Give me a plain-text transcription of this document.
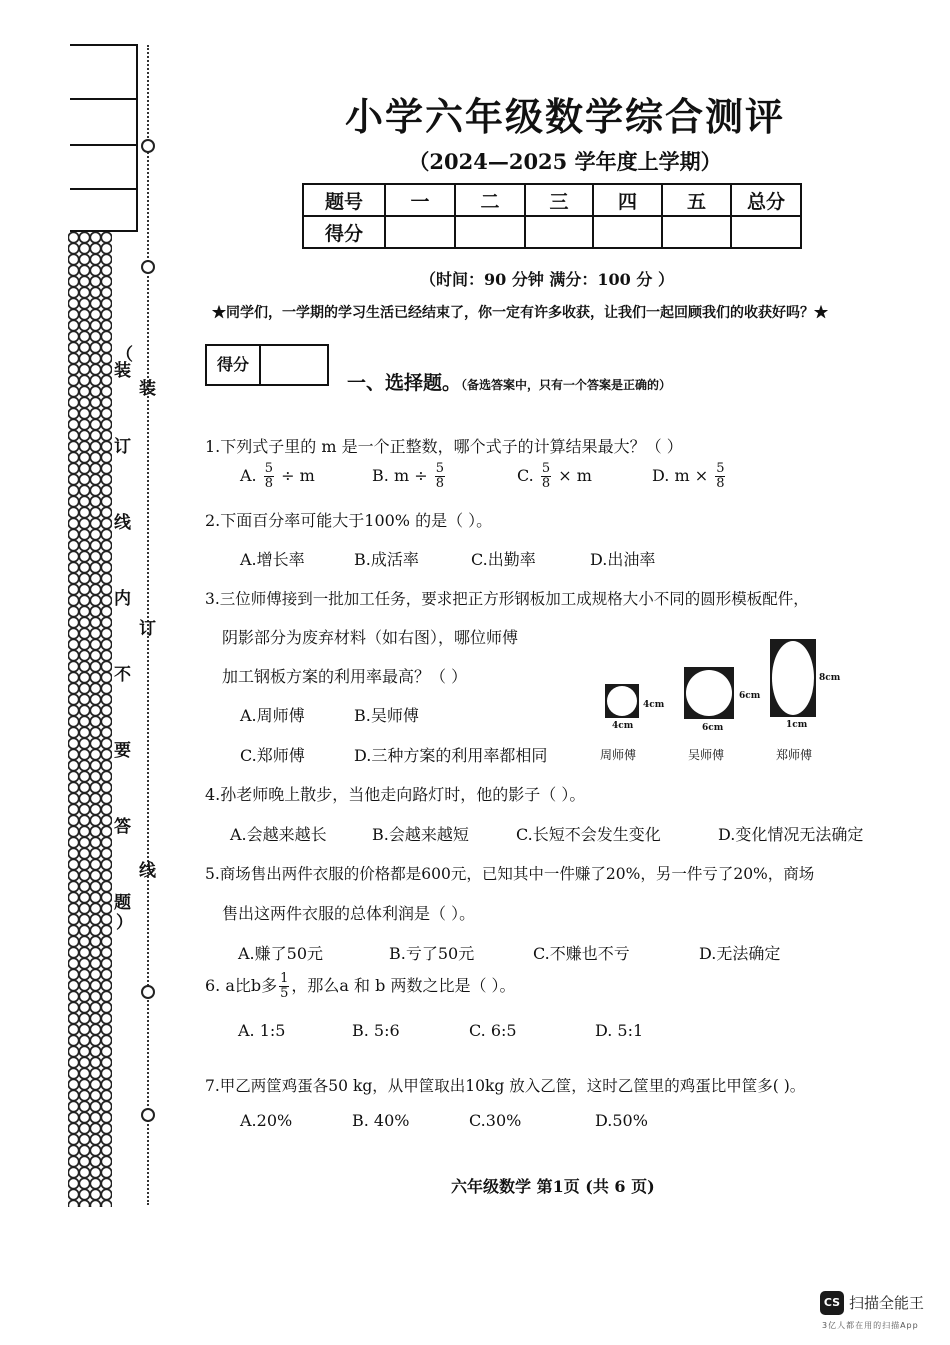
（
装
订
线
内
不
要
答
题
）
装
订
线
小学六年级数学综合测评
（2024—2025 学年度上学期）
题号	一	二	三	四	五	总分
得分						
（时间：90 分钟 满分：100 分 ）
★同学们，一学期的学习生活已经结束了，你一定有许多收获，让我们一起回顾我们的收获好吗？★
得分
一、选择题。（备选答案中，只有一个答案是正确的）
1.下列式子里的 m 是一个正整数，哪个式子的计算结果最大？（ ）
A. $\frac{5}{8} \div m$	B. $m \div \frac{5}{8}$	C. $\frac{5}{8} \times m$	D. $m \times \frac{5}{8}$
2.下面百分率可能大于100% 的是（ ）。
A.增长率	B.成活率	C.出勤率	D.出油率
3.三位师傅接到一批加工任务，要求把正方形钢板加工成规格大小不同的圆形模板配件，
阴影部分为废弃材料（如右图），哪位师傅
加工钢板方案的利用率最高？（ ）
A.周师傅	B.吴师傅
C.郑师傅	D.三种方案的利用率都相同
4cm
4cm
6cm
6cm
8cm
1cm
周师傅	吴师傅	郑师傅
4.孙老师晚上散步，当他走向路灯时，他的影子（ ）。
A.会越来越长	B.会越来越短	C.长短不会发生变化	D.变化情况无法确定
5.商场售出两件衣服的价格都是600元，已知其中一件赚了20%，另一件亏了20%，商场
售出这两件衣服的总体利润是（ ）。
A.赚了50元	B.亏了50元	C.不赚也不亏	D.无法确定
6. a比b多 $\frac{1}{5}$ ，那么a 和 b 两数之比是（ ）。
A. 1:5	B. 5:6	C. 6:5	D. 5:1
7.甲乙两筐鸡蛋各50 kg，从甲筐取出10kg 放入乙筐，这时乙筐里的鸡蛋比甲筐多( )。
A.20%	B. 40%	C.30%	D.50%
六年级数学 第1页 (共 6 页)
CS 扫描全能王
3亿人都在用的扫描App
